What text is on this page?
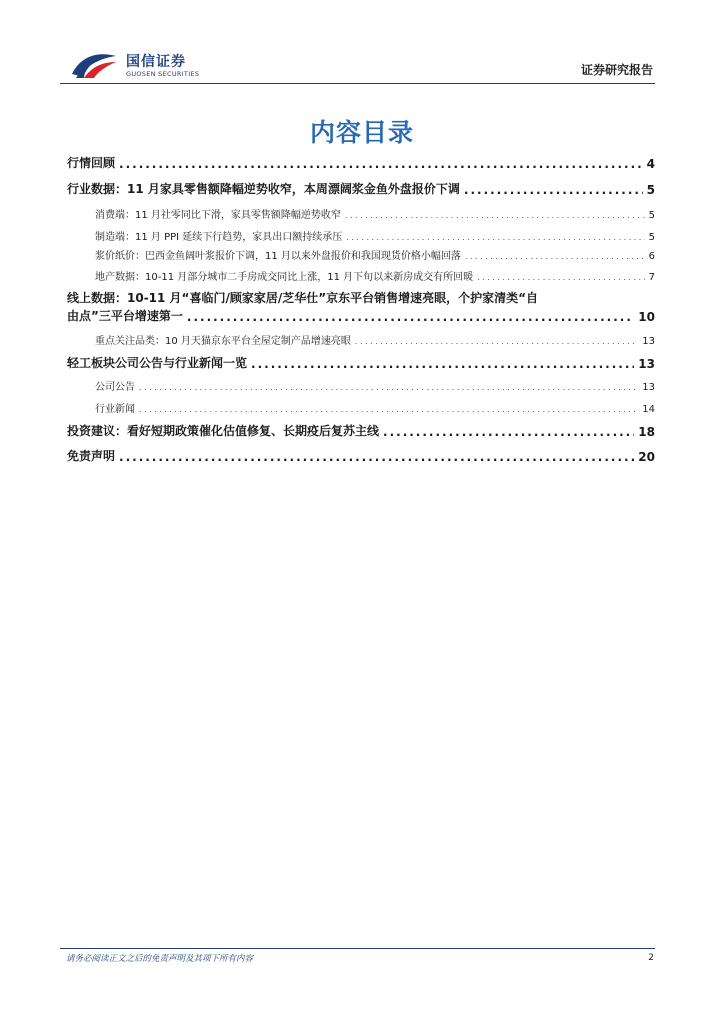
国信证券
GUOSEN SECURITIES	证券研究报告
内容目录
行情回顾 .....	4
行业数据：11 月家具零售额降幅逆势收窄，本周漂阔浆金鱼外盘报价下调 .....	5
消费端：11 月社零同比下滑，家具零售额降幅逆势收窄 .....	5
制造端：11 月 PPI 延续下行趋势，家具出口额持续承压 .....	5
浆价纸价：巴西金鱼阔叶浆报价下调，11 月以来外盘报价和我国现货价格小幅回落 .....	6
地产数据：10-11 月部分城市二手房成交同比上涨，11 月下旬以来新房成交有所回暖 .....	7
线上数据：10-11 月“喜临门/顾家家居/芝华仕”京东平台销售增速亮眼，个护家清类“自
由点”三平台增速第一 .....	10
重点关注品类：10 月天猫京东平台全屋定制产品增速亮眼 .....	13
轻工板块公司公告与行业新闻一览 .....	13
公司公告 .....	13
行业新闻 .....	14
投资建议：看好短期政策催化估值修复、长期疫后复苏主线 .....	18
免责声明 .....	20
请务必阅读正文之后的免责声明及其项下所有内容	2
